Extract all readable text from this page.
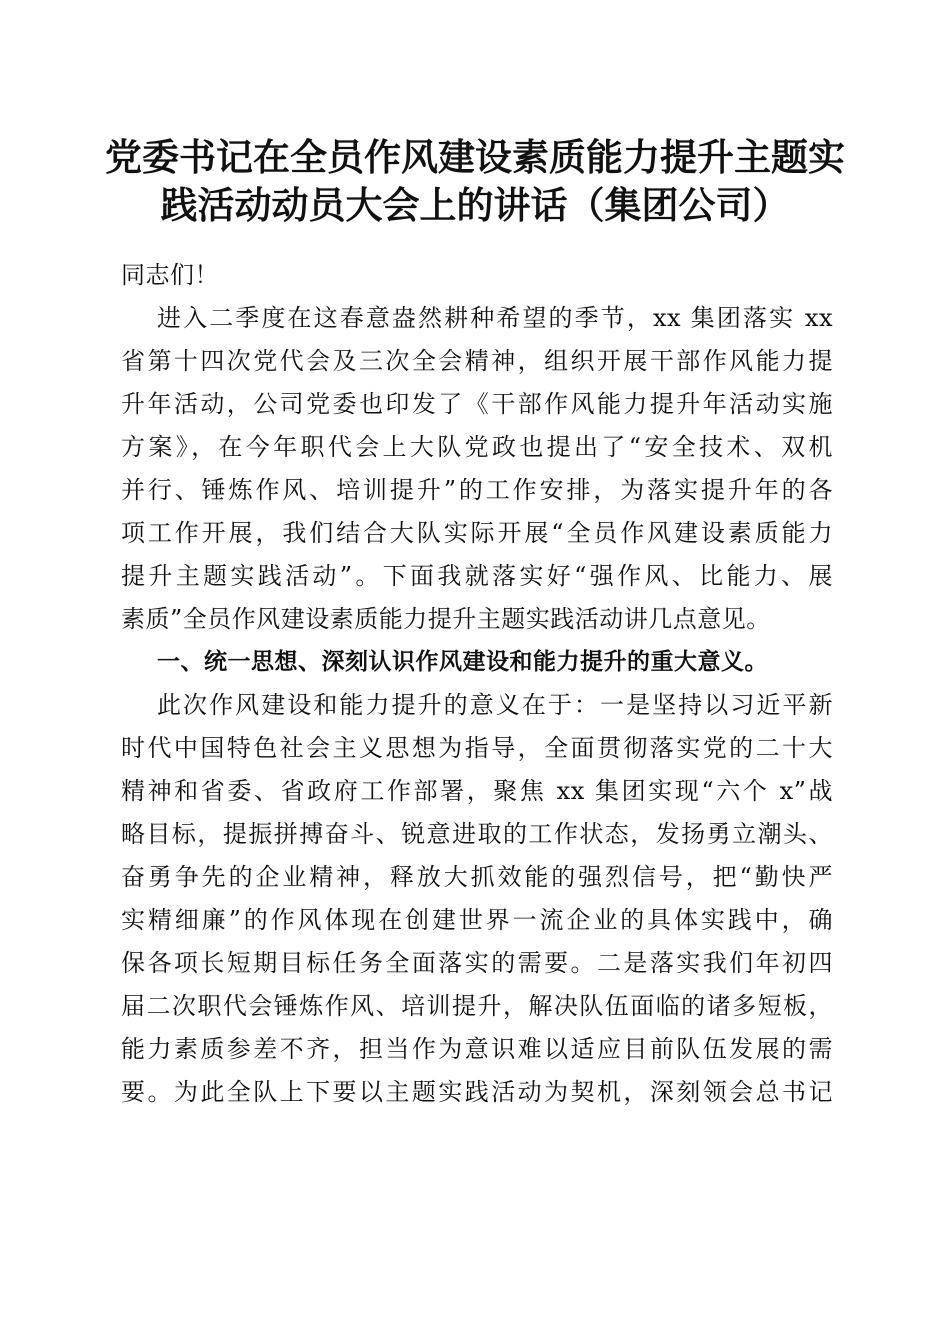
党委书记在全员作风建设素质能力提升主题实
践活动动员大会上的讲话（集团公司）
同志们！
进入二季度在这春意盎然耕种希望的季节，xx 集团落实 xx
省第十四次党代会及三次全会精神，组织开展干部作风能力提
升年活动，公司党委也印发了《干部作风能力提升年活动实施
方案》，在今年职代会上大队党政也提出了“安全技术、双机
并行、锤炼作风、培训提升”的工作安排，为落实提升年的各
项工作开展，我们结合大队实际开展“全员作风建设素质能力
提升主题实践活动”。下面我就落实好“强作风、比能力、展
素质”全员作风建设素质能力提升主题实践活动讲几点意见。
一、统一思想、深刻认识作风建设和能力提升的重大意义。
此次作风建设和能力提升的意义在于：一是坚持以习近平新
时代中国特色社会主义思想为指导，全面贯彻落实党的二十大
精神和省委、省政府工作部署，聚焦 xx 集团实现“六个 x”战
略目标，提振拼搏奋斗、锐意进取的工作状态，发扬勇立潮头、
奋勇争先的企业精神，释放大抓效能的强烈信号，把“勤快严
实精细廉”的作风体现在创建世界一流企业的具体实践中，确
保各项长短期目标任务全面落实的需要。二是落实我们年初四
届二次职代会锤炼作风、培训提升，解决队伍面临的诸多短板，
能力素质参差不齐，担当作为意识难以适应目前队伍发展的需
要。为此全队上下要以主题实践活动为契机，深刻领会总书记
